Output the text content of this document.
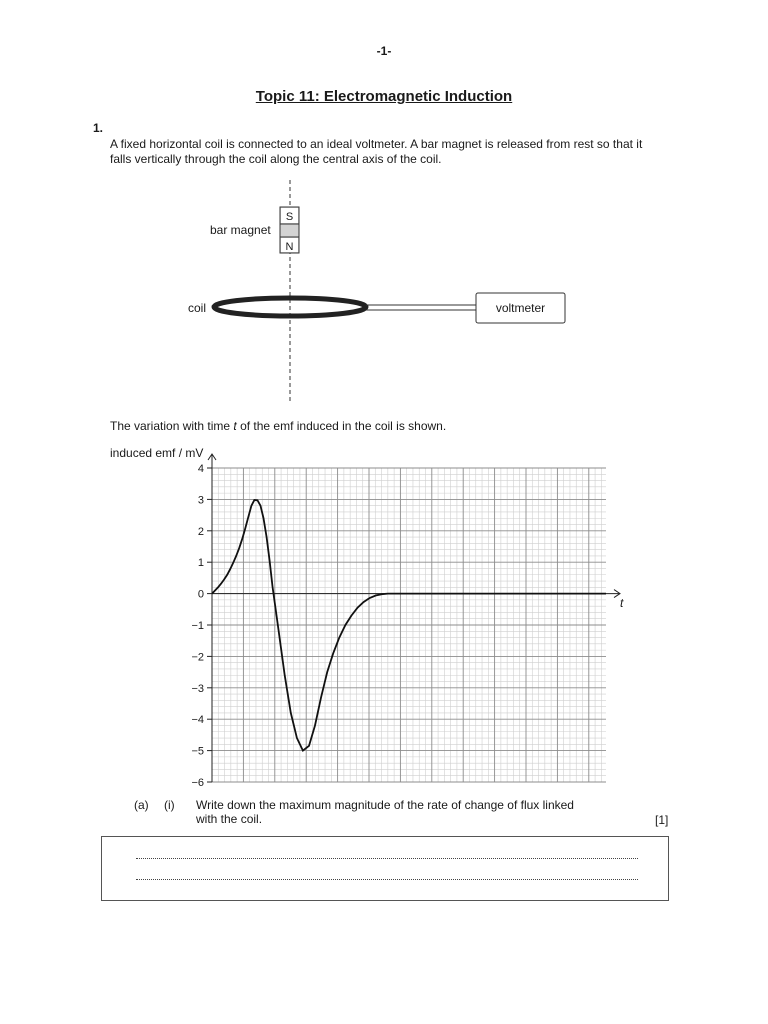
-1-
Topic 11: Electromagnetic Induction
1.
A fixed horizontal coil is connected to an ideal voltmeter. A bar magnet is released from rest so that it falls vertically through the coil along the central axis of the coil.
S
N
bar magnet
coil	voltmeter
The variation with time t of the emf induced in the coil is shown.
4
3
2
1
0
−1
−2
−3
−4
−5
−6
induced emf / mV
t
(a) (i) Write down the maximum magnitude of the rate of change of flux linked with the coil.	[1]
